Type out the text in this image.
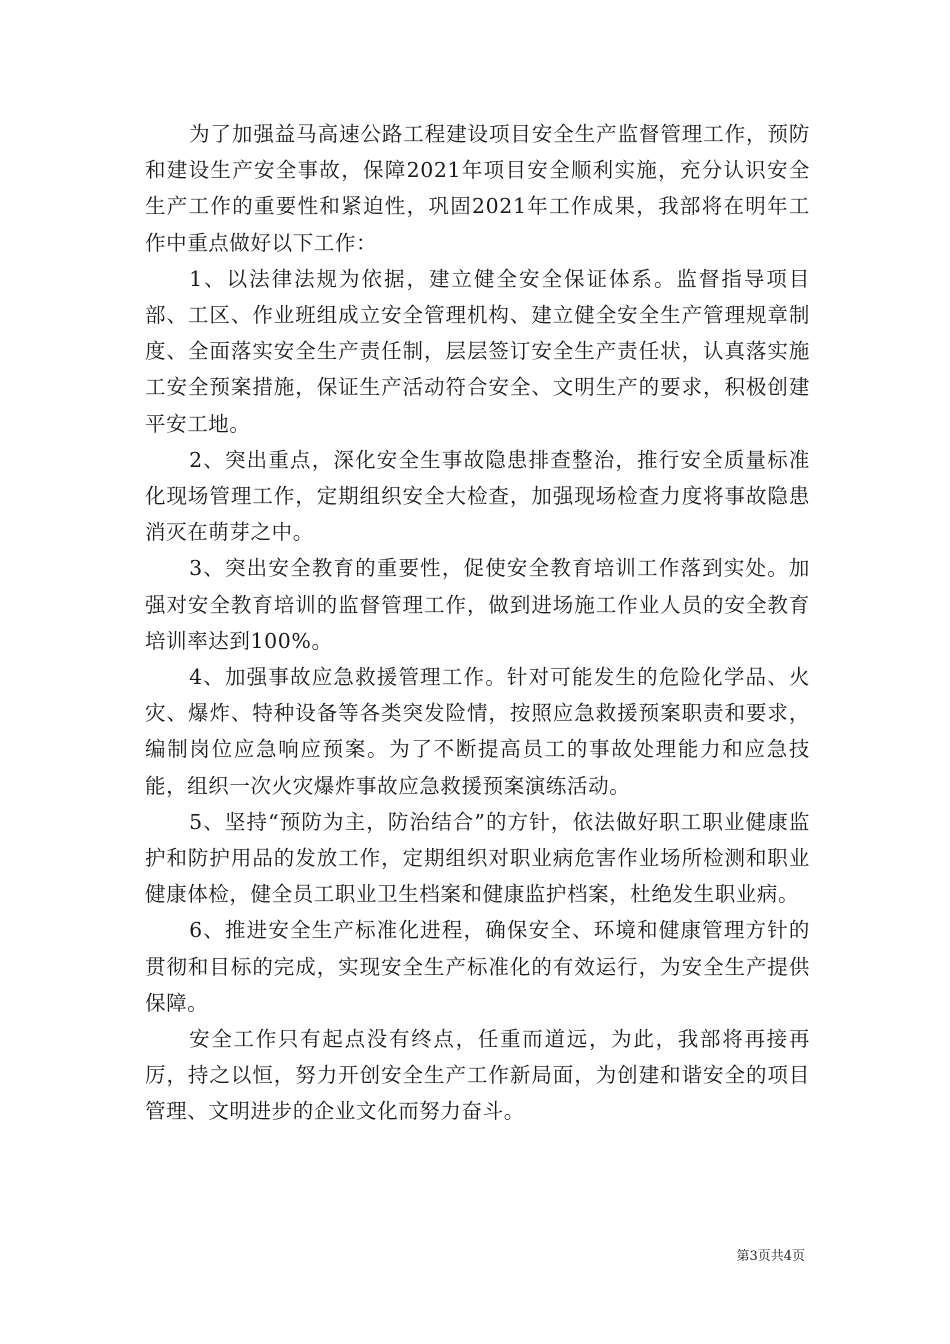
为了加强益马高速公路工程建设项目安全生产监督管理工作，预防和建设生产安全事故，保障2021年项目安全顺利实施，充分认识安全生产工作的重要性和紧迫性，巩固2021年工作成果，我部将在明年工作中重点做好以下工作：

1、以法律法规为依据，建立健全安全保证体系。监督指导项目部、工区、作业班组成立安全管理机构、建立健全安全生产管理规章制度、全面落实安全生产责任制，层层签订安全生产责任状，认真落实施工安全预案措施，保证生产活动符合安全、文明生产的要求，积极创建平安工地。

2、突出重点，深化安全生事故隐患排查整治，推行安全质量标准化现场管理工作，定期组织安全大检查，加强现场检查力度将事故隐患消灭在萌芽之中。

3、突出安全教育的重要性，促使安全教育培训工作落到实处。加强对安全教育培训的监督管理工作，做到进场施工作业人员的安全教育培训率达到100%。

4、加强事故应急救援管理工作。针对可能发生的危险化学品、火灾、爆炸、特种设备等各类突发险情，按照应急救援预案职责和要求，编制岗位应急响应预案。为了不断提高员工的事故处理能力和应急技能，组织一次火灾爆炸事故应急救援预案演练活动。

5、坚持“预防为主，防治结合”的方针，依法做好职工职业健康监护和防护用品的发放工作，定期组织对职业病危害作业场所检测和职业健康体检，健全员工职业卫生档案和健康监护档案，杜绝发生职业病。

6、推进安全生产标准化进程，确保安全、环境和健康管理方针的贯彻和目标的完成，实现安全生产标准化的有效运行，为安全生产提供保障。

安全工作只有起点没有终点，任重而道远，为此，我部将再接再厉，持之以恒，努力开创安全生产工作新局面，为创建和谐安全的项目管理、文明进步的企业文化而努力奋斗。

第3页共4页
